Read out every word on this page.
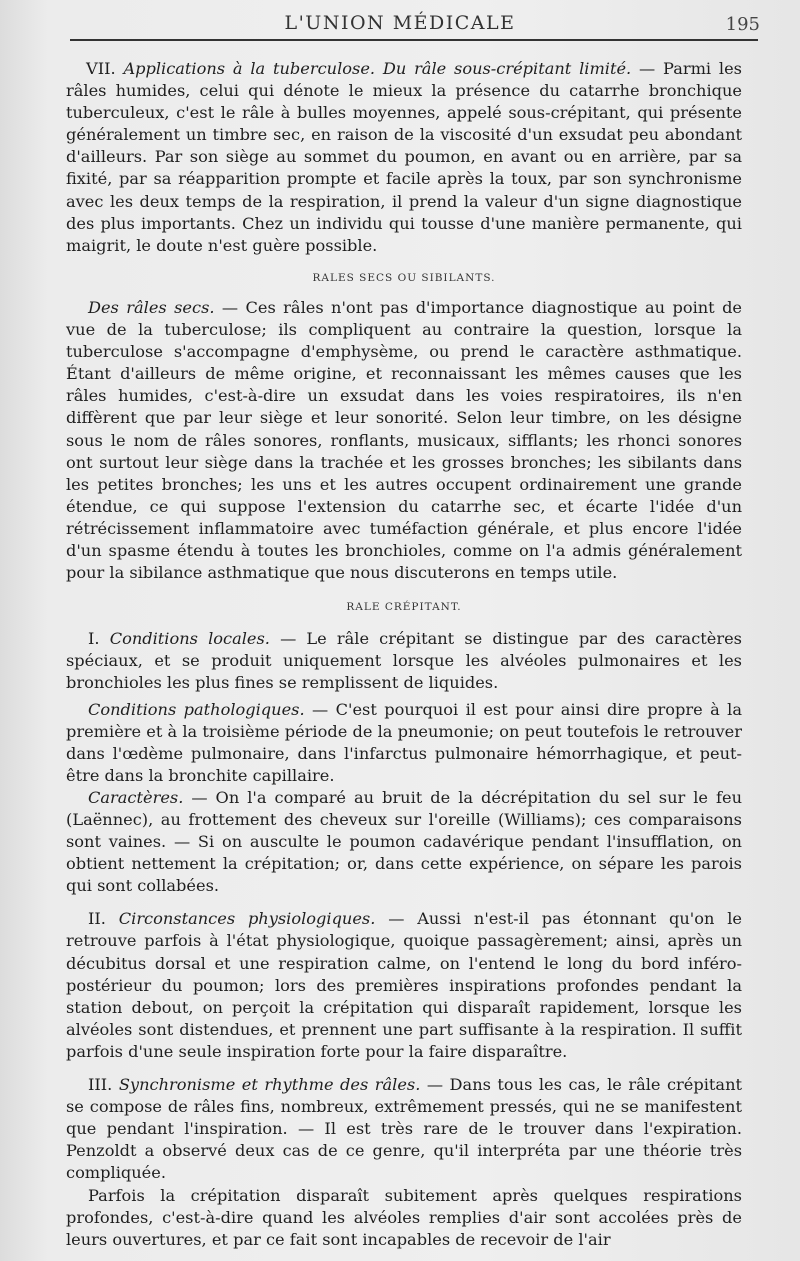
L'UNION MÉDICALE	195

VII. Applications à la tuberculose. Du râle sous-crépitant limité. — Parmi les râles humides, celui qui dénote le mieux la présence du catarrhe bronchique tuberculeux, c'est le râle à bulles moyennes, appelé sous-crépitant, qui présente généralement un timbre sec, en raison de la viscosité d'un exsudat peu abondant d'ailleurs. Par son siège au sommet du poumon, en avant ou en arrière, par sa fixité, par sa réapparition prompte et facile après la toux, par son synchronisme avec les deux temps de la respiration, il prend la valeur d'un signe diagnostique des plus importants. Chez un individu qui tousse d'une manière permanente, qui maigrit, le doute n'est guère possible.

RALES SECS OU SIBILANTS.

Des râles secs. — Ces râles n'ont pas d'importance diagnostique au point de vue de la tuberculose; ils compliquent au contraire la question, lorsque la tuberculose s'accompagne d'emphysème, ou prend le caractère asthmatique. Étant d'ailleurs de même origine, et reconnaissant les mêmes causes que les râles humides, c'est-à-dire un exsudat dans les voies respiratoires, ils n'en diffèrent que par leur siège et leur sonorité. Selon leur timbre, on les désigne sous le nom de râles sonores, ronflants, musicaux, sifflants; les rhonci sonores ont surtout leur siège dans la trachée et les grosses bronches; les sibilants dans les petites bronches; les uns et les autres occupent ordinairement une grande étendue, ce qui suppose l'extension du catarrhe sec, et écarte l'idée d'un rétrécissement inflammatoire avec tuméfaction générale, et plus encore l'idée d'un spasme étendu à toutes les bronchioles, comme on l'a admis généralement pour la sibilance asthmatique que nous discuterons en temps utile.

RALE CRÉPITANT.

I. Conditions locales. — Le râle crépitant se distingue par des caractères spéciaux, et se produit uniquement lorsque les alvéoles pulmonaires et les bronchioles les plus fines se remplissent de liquides.

Conditions pathologiques. — C'est pourquoi il est pour ainsi dire propre à la première et à la troisième période de la pneumonie; on peut toutefois le retrouver dans l'œdème pulmonaire, dans l'infarctus pulmonaire hémorrhagique, et peut-être dans la bronchite capillaire.

Caractères. — On l'a comparé au bruit de la décrépitation du sel sur le feu (Laënnec), au frottement des cheveux sur l'oreille (Williams); ces comparaisons sont vaines. — Si on ausculte le poumon cadavérique pendant l'insufflation, on obtient nettement la crépitation; or, dans cette expérience, on sépare les parois qui sont collabées.

II. Circonstances physiologiques. — Aussi n'est-il pas étonnant qu'on le retrouve parfois à l'état physiologique, quoique passagèrement; ainsi, après un décubitus dorsal et une respiration calme, on l'entend le long du bord inféro-postérieur du poumon; lors des premières inspirations profondes pendant la station debout, on perçoit la crépitation qui disparaît rapidement, lorsque les alvéoles sont distendues, et prennent une part suffisante à la respiration. Il suffit parfois d'une seule inspiration forte pour la faire disparaître.

III. Synchronisme et rhythme des râles. — Dans tous les cas, le râle crépitant se compose de râles fins, nombreux, extrêmement pressés, qui ne se manifestent que pendant l'inspiration. — Il est très rare de le trouver dans l'expiration. Penzoldt a observé deux cas de ce genre, qu'il interpréta par une théorie très compliquée.

Parfois la crépitation disparaît subitement après quelques respirations profondes, c'est-à-dire quand les alvéoles remplies d'air sont accolées près de leurs ouvertures, et par ce fait sont incapables de recevoir de l'air
